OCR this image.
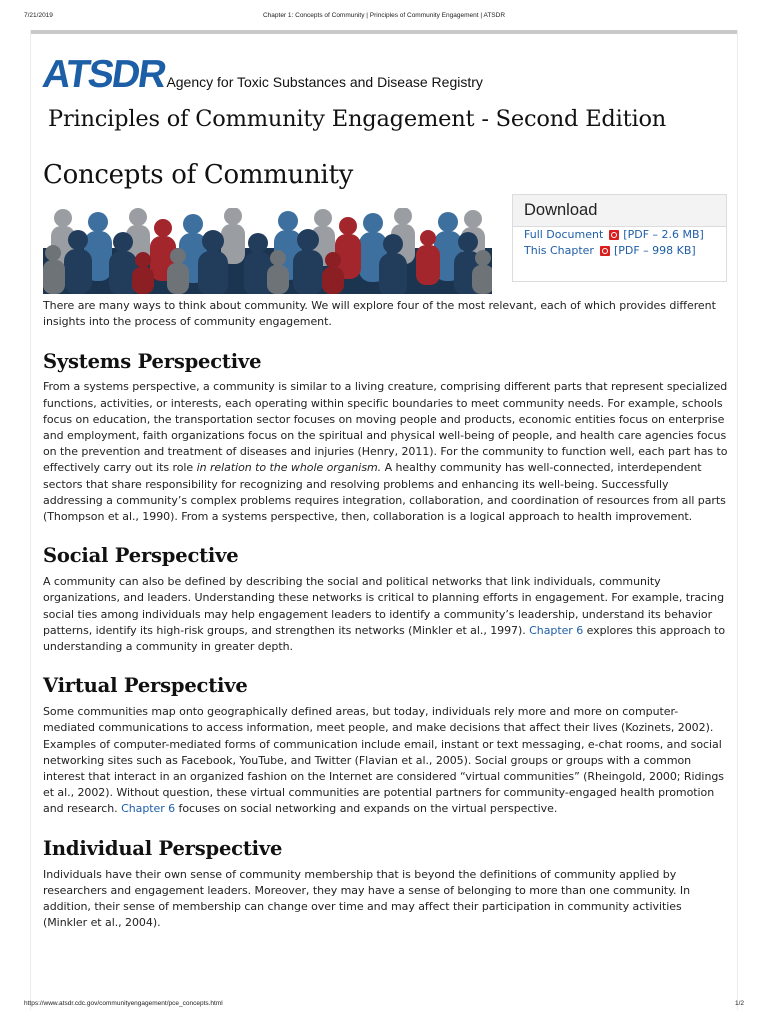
7/21/2019	Chapter 1: Concepts of Community | Principles of Community Engagement | ATSDR
ATSDR
Agency for Toxic Substances and Disease Registry
Principles of Community Engagement - Second Edition
Concepts of Community
Download
Full Document [PDF – 2.6 MB]
This Chapter [PDF – 998 KB]

There are many ways to think about community. We will explore four of the most relevant, each of which provides different insights into the process of community engagement.

Systems Perspective

From a systems perspective, a community is similar to a living creature, comprising different parts that represent specialized functions, activities, or interests, each operating within specific boundaries to meet community needs. For example, schools focus on education, the transportation sector focuses on moving people and products, economic entities focus on enterprise and employment, faith organizations focus on the spiritual and physical well-being of people, and health care agencies focus on the prevention and treatment of diseases and injuries (Henry, 2011). For the community to function well, each part has to effectively carry out its role in relation to the whole organism. A healthy community has well-connected, interdependent sectors that share responsibility for recognizing and resolving problems and enhancing its well-being. Successfully addressing a community’s complex problems requires integration, collaboration, and coordination of resources from all parts (Thompson et al., 1990). From a systems perspective, then, collaboration is a logical approach to health improvement.

Social Perspective

A community can also be defined by describing the social and political networks that link individuals, community organizations, and leaders. Understanding these networks is critical to planning efforts in engagement. For example, tracing social ties among individuals may help engagement leaders to identify a community’s leadership, understand its behavior patterns, identify its high-risk groups, and strengthen its networks (Minkler et al., 1997). Chapter 6 explores this approach to understanding a community in greater depth.

Virtual Perspective

Some communities map onto geographically defined areas, but today, individuals rely more and more on computer-mediated communications to access information, meet people, and make decisions that affect their lives (Kozinets, 2002). Examples of computer-mediated forms of communication include email, instant or text messaging, e-chat rooms, and social networking sites such as Facebook, YouTube, and Twitter (Flavian et al., 2005). Social groups or groups with a common interest that interact in an organized fashion on the Internet are considered “virtual communities” (Rheingold, 2000; Ridings et al., 2002). Without question, these virtual communities are potential partners for community-engaged health promotion and research. Chapter 6 focuses on social networking and expands on the virtual perspective.

Individual Perspective

Individuals have their own sense of community membership that is beyond the definitions of community applied by researchers and engagement leaders. Moreover, they may have a sense of belonging to more than one community. In addition, their sense of membership can change over time and may affect their participation in community activities (Minkler et al., 2004).

https://www.atsdr.cdc.gov/communityengagement/pce_concepts.html	1/2
